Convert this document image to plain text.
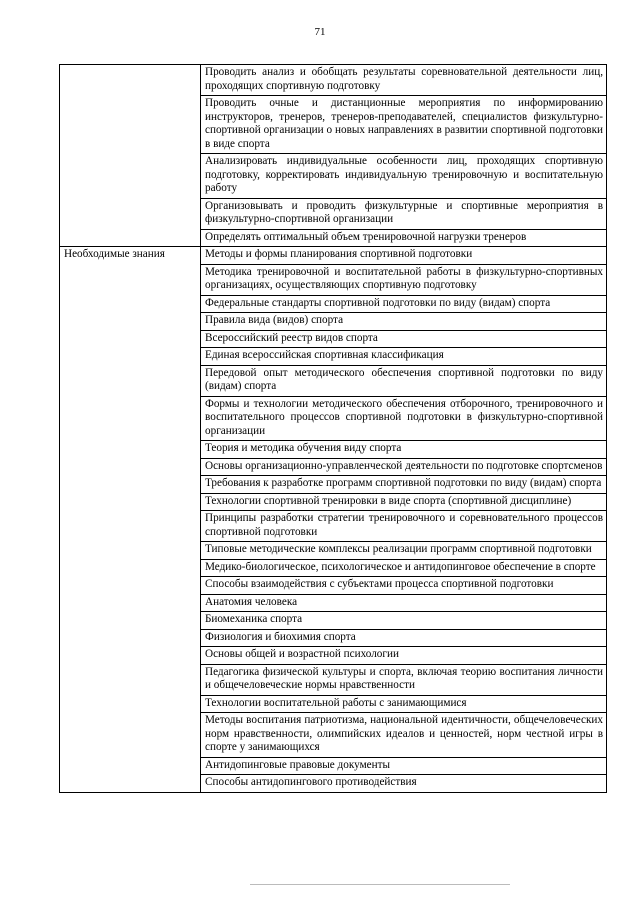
71
	Проводить анализ и обобщать результаты соревновательной деятельности лиц, проходящих спортивную подготовку
	Проводить очные и дистанционные мероприятия по информированию инструкторов, тренеров, тренеров-преподавателей, специалистов физкультурно-спортивной организации о новых направлениях в развитии спортивной подготовки в виде спорта
	Анализировать индивидуальные особенности лиц, проходящих спортивную подготовку, корректировать индивидуальную тренировочную и воспитательную работу
	Организовывать и проводить физкультурные и спортивные мероприятия в физкультурно-спортивной организации
	Определять оптимальный объем тренировочной нагрузки тренеров
Необходимые знания	Методы и формы планирования спортивной подготовки
	Методика тренировочной и воспитательной работы в физкультурно-спортивных организациях, осуществляющих спортивную подготовку
	Федеральные стандарты спортивной подготовки по виду (видам) спорта
	Правила вида (видов) спорта
	Всероссийский реестр видов спорта
	Единая всероссийская спортивная классификация
	Передовой опыт методического обеспечения спортивной подготовки по виду (видам) спорта
	Формы и технологии методического обеспечения отборочного, тренировочного и воспитательного процессов спортивной подготовки в физкультурно-спортивной организации
	Теория и методика обучения виду спорта
	Основы организационно-управленческой деятельности по подготовке спортсменов
	Требования к разработке программ спортивной подготовки по виду (видам) спорта
	Технологии спортивной тренировки в виде спорта (спортивной дисциплине)
	Принципы разработки стратегии тренировочного и соревновательного процессов спортивной подготовки
	Типовые методические комплексы реализации программ спортивной подготовки
	Медико-биологическое, психологическое и антидопинговое обеспечение в спорте
	Способы взаимодействия с субъектами процесса спортивной подготовки
	Анатомия человека
	Биомеханика спорта
	Физиология и биохимия спорта
	Основы общей и возрастной психологии
	Педагогика физической культуры и спорта, включая теорию воспитания личности и общечеловеческие нормы нравственности
	Технологии воспитательной работы с занимающимися
	Методы воспитания патриотизма, национальной идентичности, общечеловеческих норм нравственности, олимпийских идеалов и ценностей, норм честной игры в спорте у занимающихся
	Антидопинговые правовые документы
	Способы антидопингового противодействия
